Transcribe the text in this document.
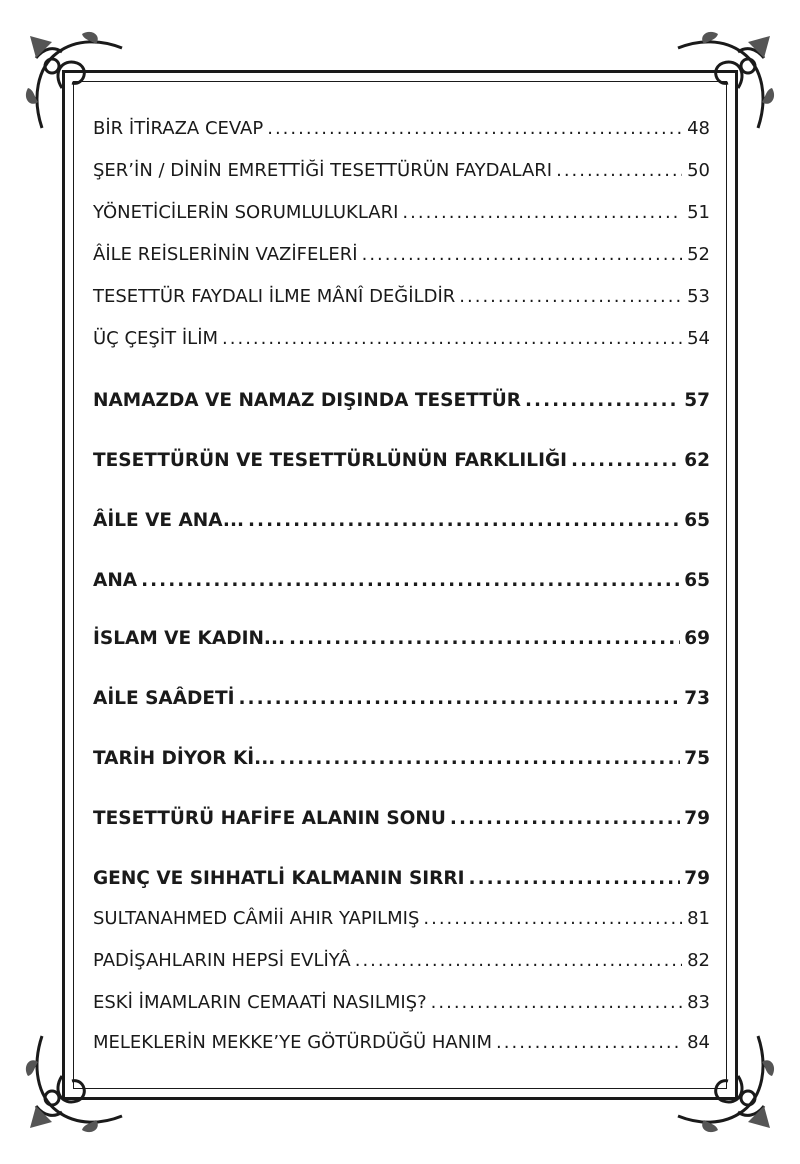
BİR İTİRAZA CEVAP .....	48
ŞER’İN / DİNİN EMRETTİĞİ TESETTÜRÜN FAYDALARI .....	50
YÖNETİCİLERİN SORUMLULUKLARI .....	51
ÂİLE REİSLERİNİN VAZİFELERİ .....	52
TESETTÜR FAYDALI İLME MÂNÎ DEĞİLDİR .....	53
ÜÇ ÇEŞİT İLİM .....	54
NAMAZDA VE NAMAZ DIŞINDA TESETTÜR .....	57
TESETTÜRÜN VE TESETTÜRLÜNÜN FARKLILIĞI .....	62
ÂİLE VE ANA... .....	65
ANA .....	65
İSLAM VE KADIN... .....	69
AİLE SAÂDETİ .....	73
TARİH DİYOR Kİ... .....	75
TESETTÜRÜ HAFİFE ALANIN SONU .....	79
GENÇ VE SIHHATLİ KALMANIN SIRRI .....	79
SULTANAHMED CÂMİİ AHIR YAPILMIŞ .....	81
PADİŞAHLARIN HEPSİ EVLİYÂ .....	82
ESKİ İMAMLARIN CEMAATİ NASILMIŞ? .....	83
MELEKLERİN MEKKE’YE GÖTÜRDÜĞÜ HANIM .....	84
